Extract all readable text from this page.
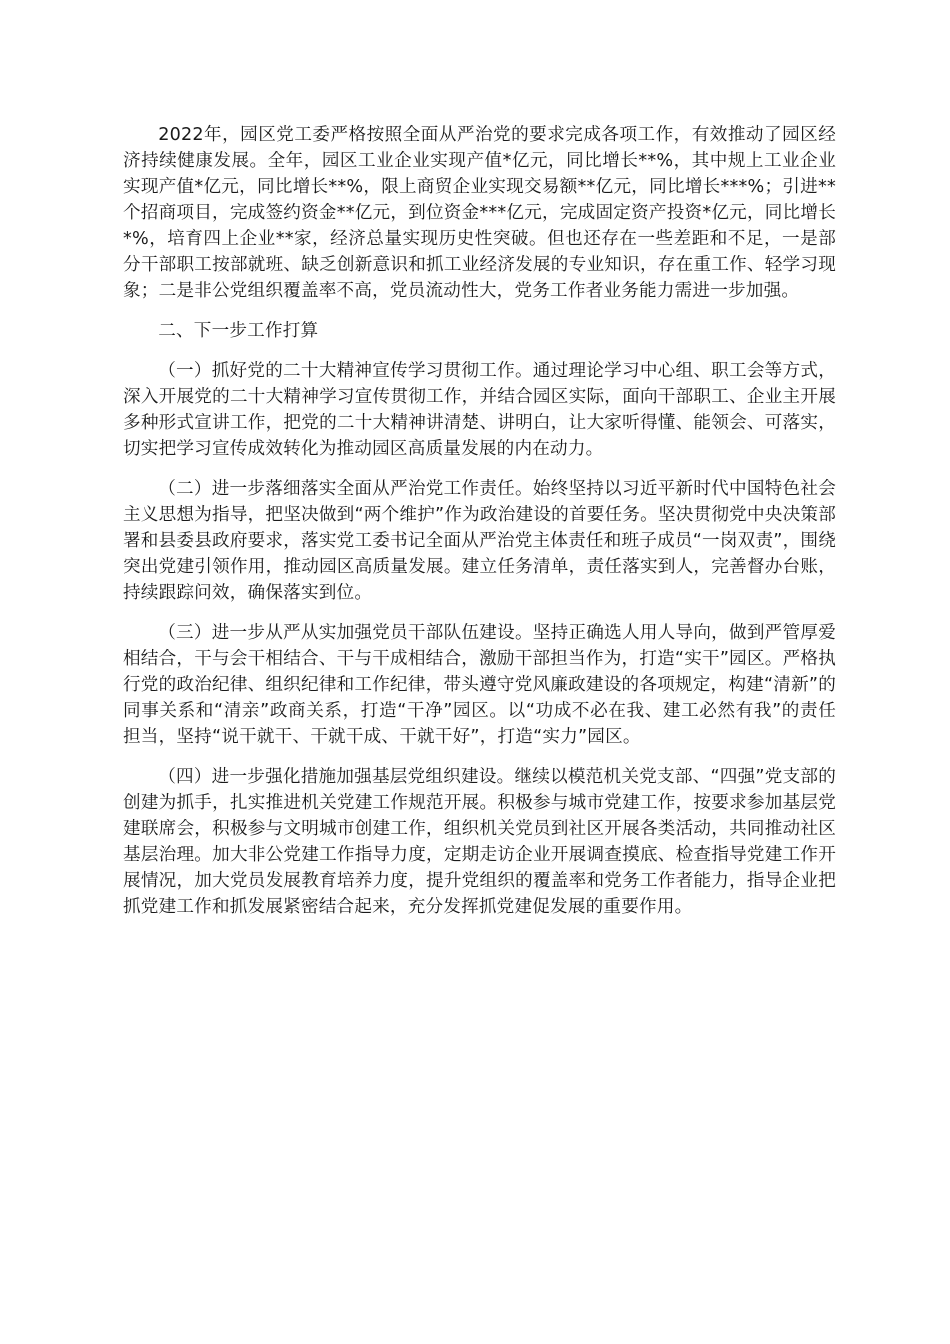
2022年，园区党工委严格按照全面从严治党的要求完成各项工作，有效推动了园区经济持续健康发展。全年，园区工业企业实现产值*亿元，同比增长**%，其中规上工业企业实现产值*亿元，同比增长**%，限上商贸企业实现交易额**亿元，同比增长***%；引进**个招商项目，完成签约资金**亿元，到位资金***亿元，完成固定资产投资*亿元，同比增长*%，培育四上企业**家，经济总量实现历史性突破。但也还存在一些差距和不足，一是部分干部职工按部就班、缺乏创新意识和抓工业经济发展的专业知识，存在重工作、轻学习现象；二是非公党组织覆盖率不高，党员流动性大，党务工作者业务能力需进一步加强。

二、下一步工作打算

（一）抓好党的二十大精神宣传学习贯彻工作。通过理论学习中心组、职工会等方式，深入开展党的二十大精神学习宣传贯彻工作，并结合园区实际，面向干部职工、企业主开展多种形式宣讲工作，把党的二十大精神讲清楚、讲明白，让大家听得懂、能领会、可落实，切实把学习宣传成效转化为推动园区高质量发展的内在动力。

（二）进一步落细落实全面从严治党工作责任。始终坚持以习近平新时代中国特色社会主义思想为指导，把坚决做到“两个维护”作为政治建设的首要任务。坚决贯彻党中央决策部署和县委县政府要求，落实党工委书记全面从严治党主体责任和班子成员“一岗双责”，围绕突出党建引领作用，推动园区高质量发展。建立任务清单，责任落实到人，完善督办台账，持续跟踪问效，确保落实到位。

（三）进一步从严从实加强党员干部队伍建设。坚持正确选人用人导向，做到严管厚爱相结合，干与会干相结合、干与干成相结合，激励干部担当作为，打造“实干”园区。严格执行党的政治纪律、组织纪律和工作纪律，带头遵守党风廉政建设的各项规定，构建“清新”的同事关系和“清亲”政商关系，打造“干净”园区。以“功成不必在我、建工必然有我”的责任担当，坚持“说干就干、干就干成、干就干好”，打造“实力”园区。

（四）进一步强化措施加强基层党组织建设。继续以模范机关党支部、“四强”党支部的创建为抓手，扎实推进机关党建工作规范开展。积极参与城市党建工作，按要求参加基层党建联席会，积极参与文明城市创建工作，组织机关党员到社区开展各类活动，共同推动社区基层治理。加大非公党建工作指导力度，定期走访企业开展调查摸底、检查指导党建工作开展情况，加大党员发展教育培养力度，提升党组织的覆盖率和党务工作者能力，指导企业把抓党建工作和抓发展紧密结合起来，充分发挥抓党建促发展的重要作用。
